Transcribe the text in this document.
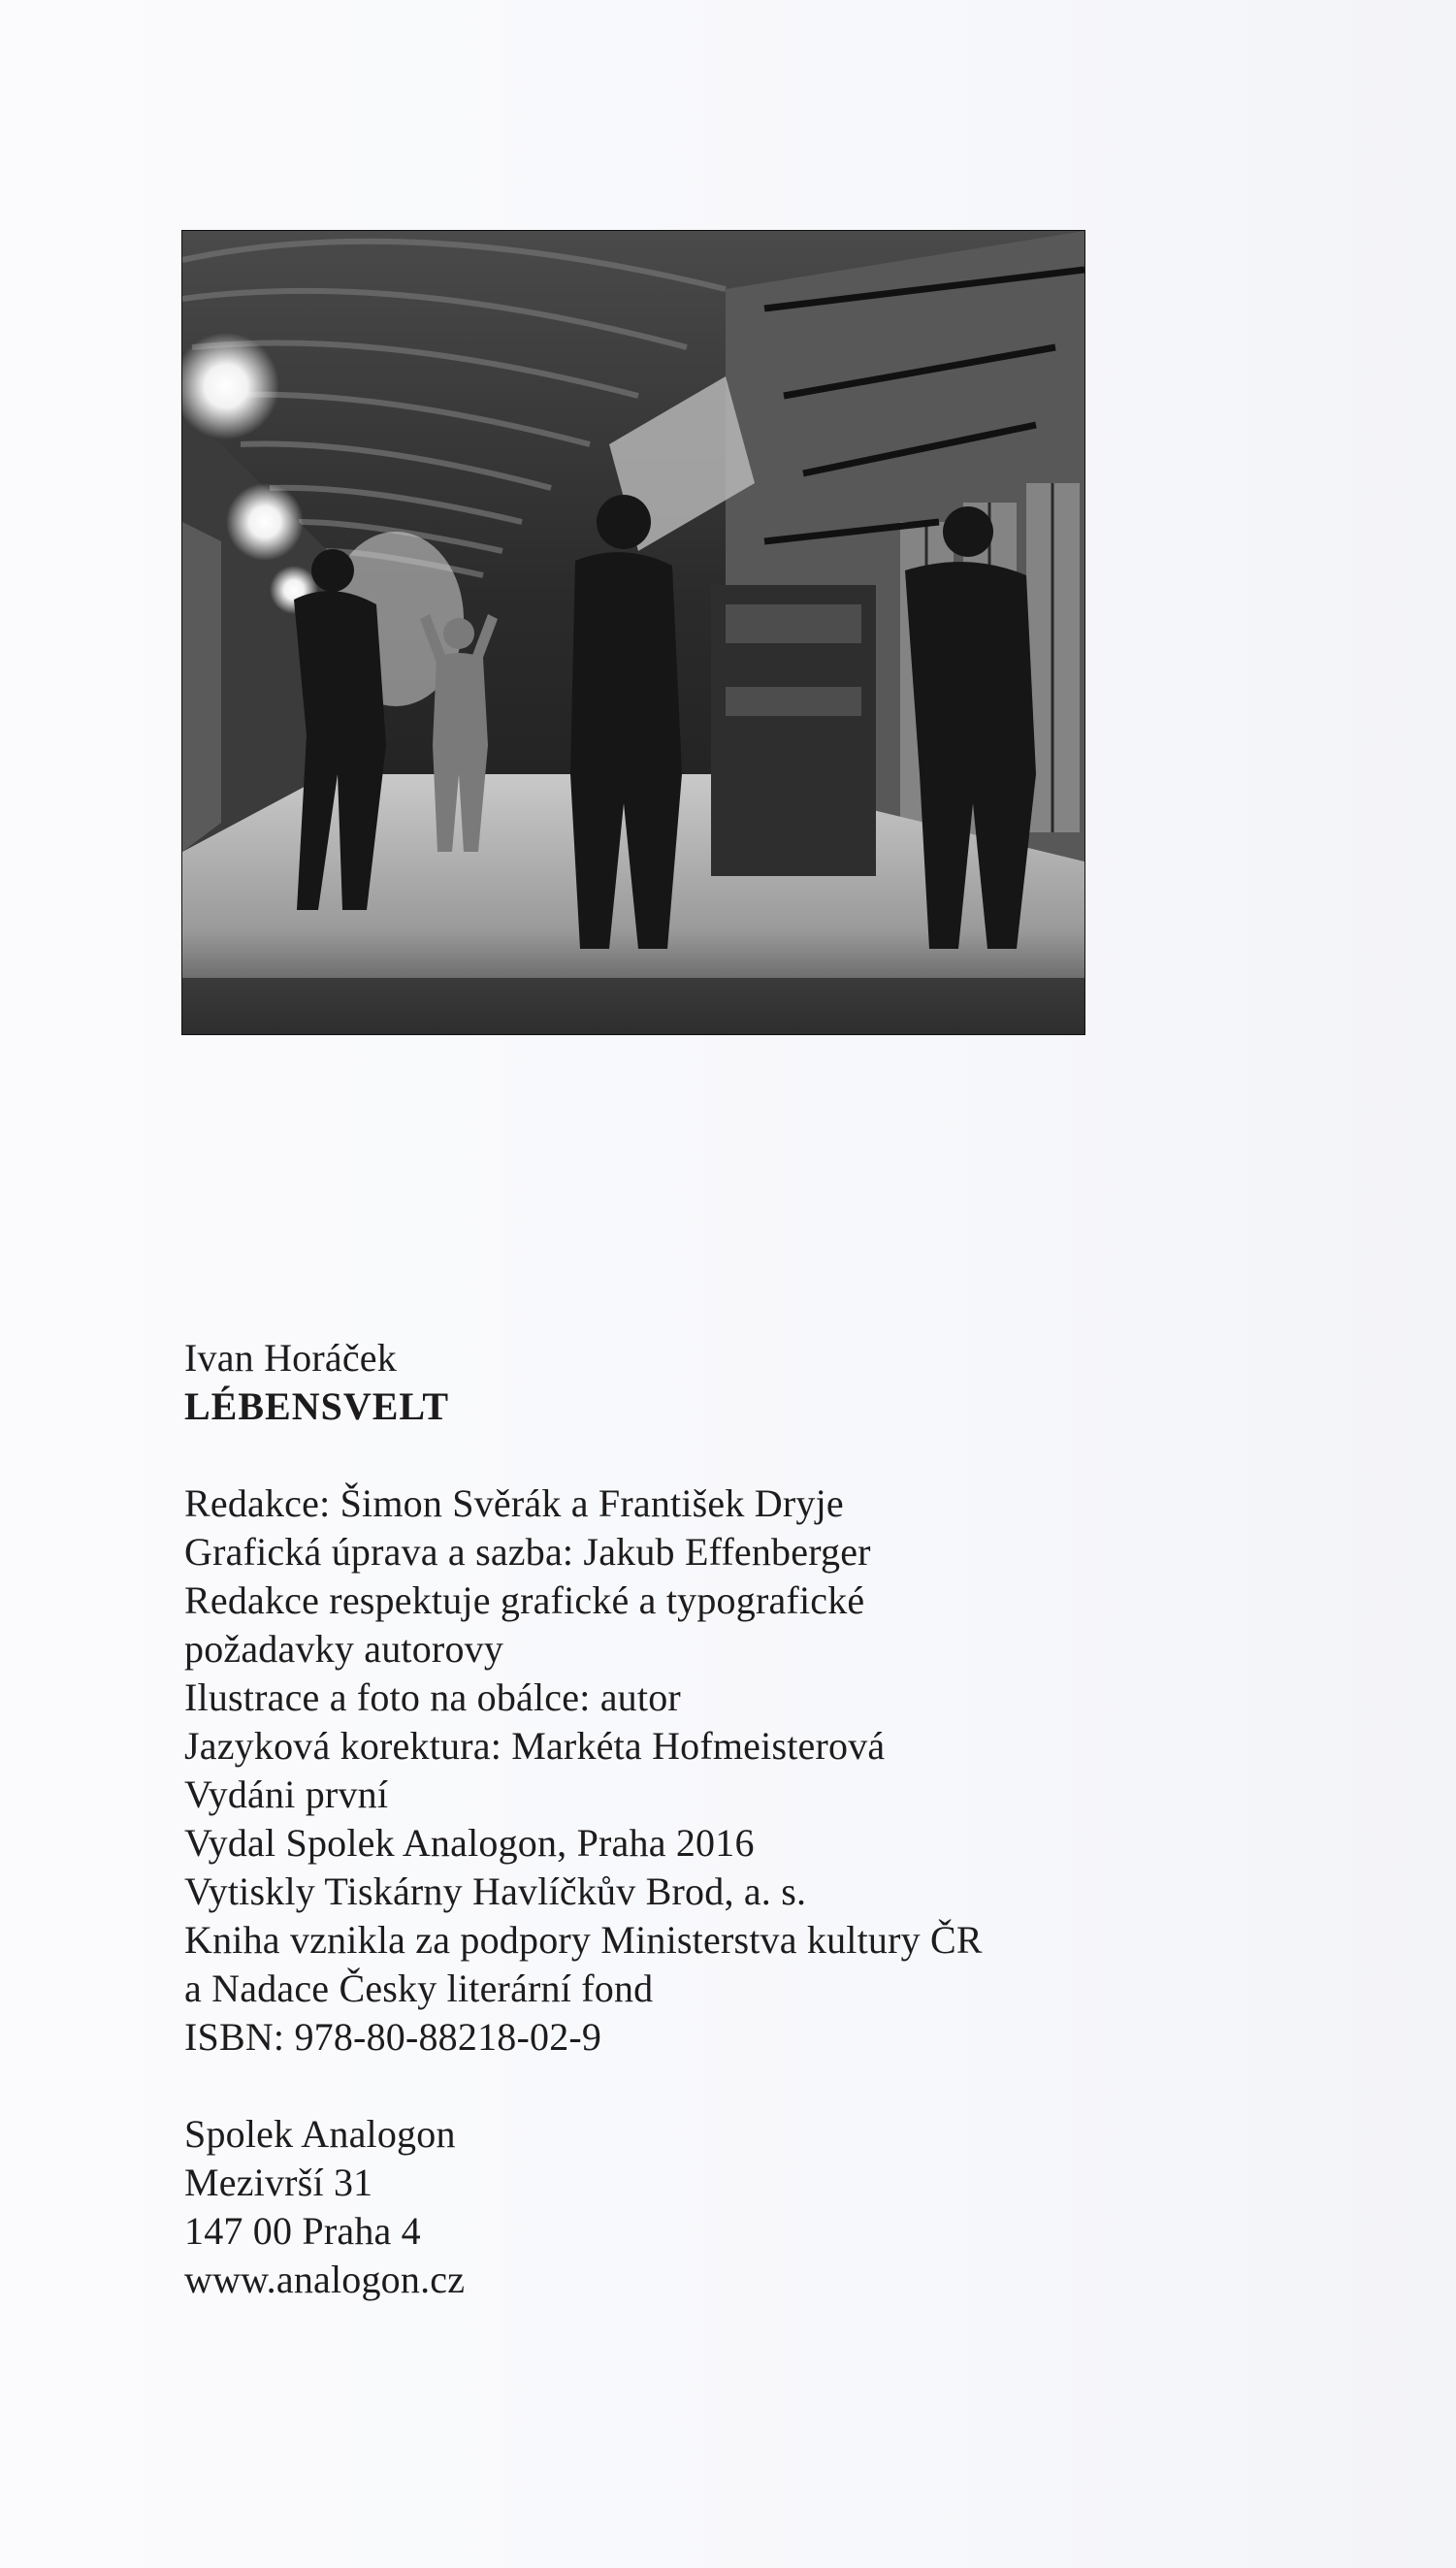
Ivan Horáček
LÉBENSVELT
Redakce: Šimon Svěrák a František Dryje
Grafická úprava a sazba: Jakub Effenberger
Redakce respektuje grafické a typografické
požadavky autorovy
Ilustrace a foto na obálce: autor
Jazyková korektura: Markéta Hofmeisterová
Vydáni první
Vydal Spolek Analogon, Praha 2016
Vytiskly Tiskárny Havlíčkův Brod, a. s.
Kniha vznikla za podpory Ministerstva kultury ČR
a Nadace Česky literární fond
ISBN: 978-80-88218-02-9
Spolek Analogon
Mezivrší 31
147 00 Praha 4
www.analogon.cz
